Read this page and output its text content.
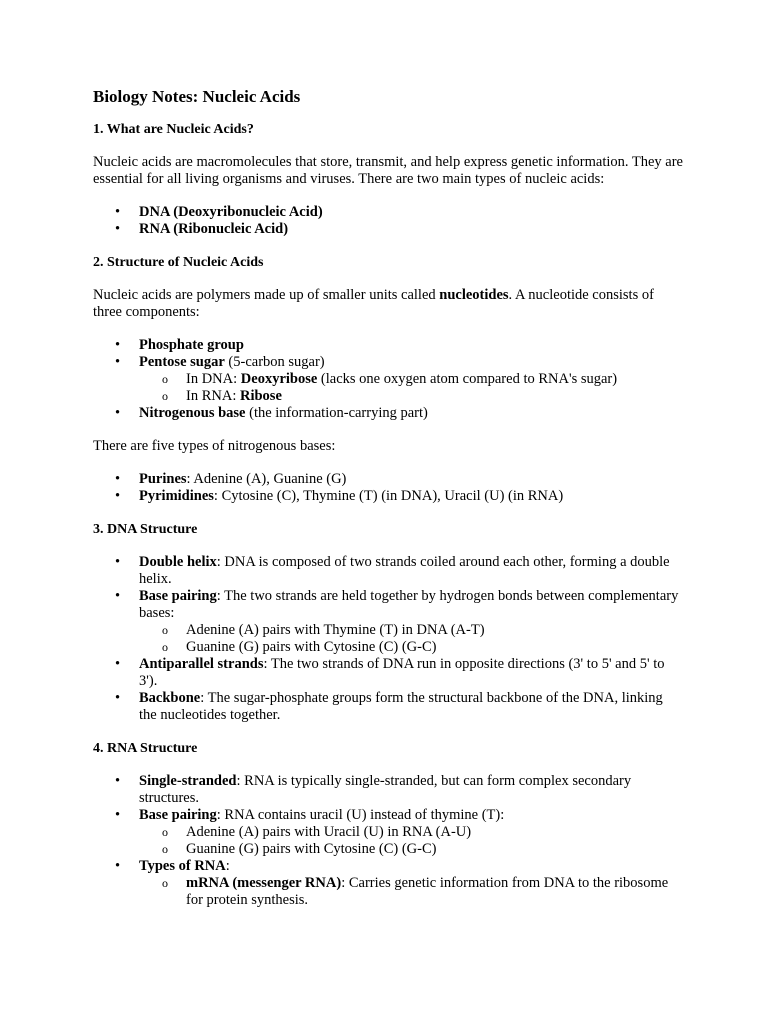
Biology Notes: Nucleic Acids
1. What are Nucleic Acids?
Nucleic acids are macromolecules that store, transmit, and help express genetic information. They are essential for all living organisms and viruses. There are two main types of nucleic acids:
• DNA (Deoxyribonucleic Acid)
• RNA (Ribonucleic Acid)
2. Structure of Nucleic Acids
Nucleic acids are polymers made up of smaller units called nucleotides. A nucleotide consists of three components:
• Phosphate group
• Pentose sugar (5-carbon sugar)
o In DNA: Deoxyribose (lacks one oxygen atom compared to RNA's sugar)
o In RNA: Ribose
• Nitrogenous base (the information-carrying part)
There are five types of nitrogenous bases:
• Purines: Adenine (A), Guanine (G)
• Pyrimidines: Cytosine (C), Thymine (T) (in DNA), Uracil (U) (in RNA)
3. DNA Structure
• Double helix: DNA is composed of two strands coiled around each other, forming a double helix.
• Base pairing: The two strands are held together by hydrogen bonds between complementary bases:
o Adenine (A) pairs with Thymine (T) in DNA (A-T)
o Guanine (G) pairs with Cytosine (C) (G-C)
• Antiparallel strands: The two strands of DNA run in opposite directions (3' to 5' and 5' to 3').
• Backbone: The sugar-phosphate groups form the structural backbone of the DNA, linking the nucleotides together.
4. RNA Structure
• Single-stranded: RNA is typically single-stranded, but can form complex secondary structures.
• Base pairing: RNA contains uracil (U) instead of thymine (T):
o Adenine (A) pairs with Uracil (U) in RNA (A-U)
o Guanine (G) pairs with Cytosine (C) (G-C)
• Types of RNA:
o mRNA (messenger RNA): Carries genetic information from DNA to the ribosome for protein synthesis.
